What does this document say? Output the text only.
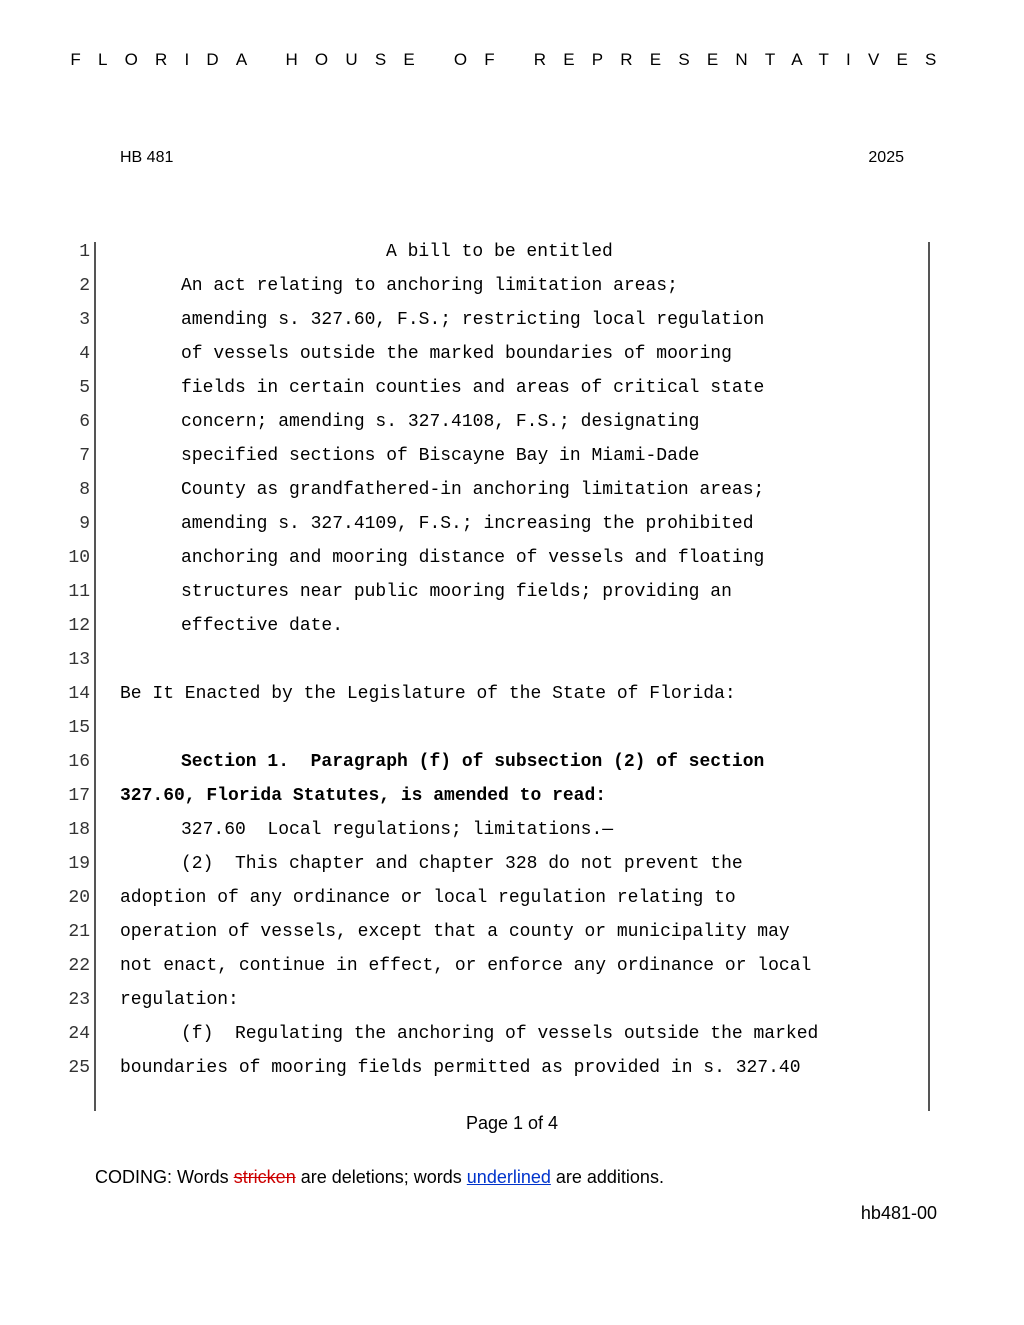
FLORIDA HOUSE OF REPRESENTATIVES
HB 481	2025
1	A bill to be entitled
2	An act relating to anchoring limitation areas;
3	amending s. 327.60, F.S.; restricting local regulation
4	of vessels outside the marked boundaries of mooring
5	fields in certain counties and areas of critical state
6	concern; amending s. 327.4108, F.S.; designating
7	specified sections of Biscayne Bay in Miami-Dade
8	County as grandfathered-in anchoring limitation areas;
9	amending s. 327.4109, F.S.; increasing the prohibited
10	anchoring and mooring distance of vessels and floating
11	structures near public mooring fields; providing an
12	effective date.
13
14 Be It Enacted by the Legislature of the State of Florida:
15
16	Section 1.  Paragraph (f) of subsection (2) of section
17 327.60, Florida Statutes, is amended to read:
18	327.60  Local regulations; limitations.—
19	(2)  This chapter and chapter 328 do not prevent the
20 adoption of any ordinance or local regulation relating to
21 operation of vessels, except that a county or municipality may
22 not enact, continue in effect, or enforce any ordinance or local
23 regulation:
24	(f)  Regulating the anchoring of vessels outside the marked
25 boundaries of mooring fields permitted as provided in s. 327.40
Page 1 of 4
CODING: Words stricken are deletions; words underlined are additions.
hb481-00
